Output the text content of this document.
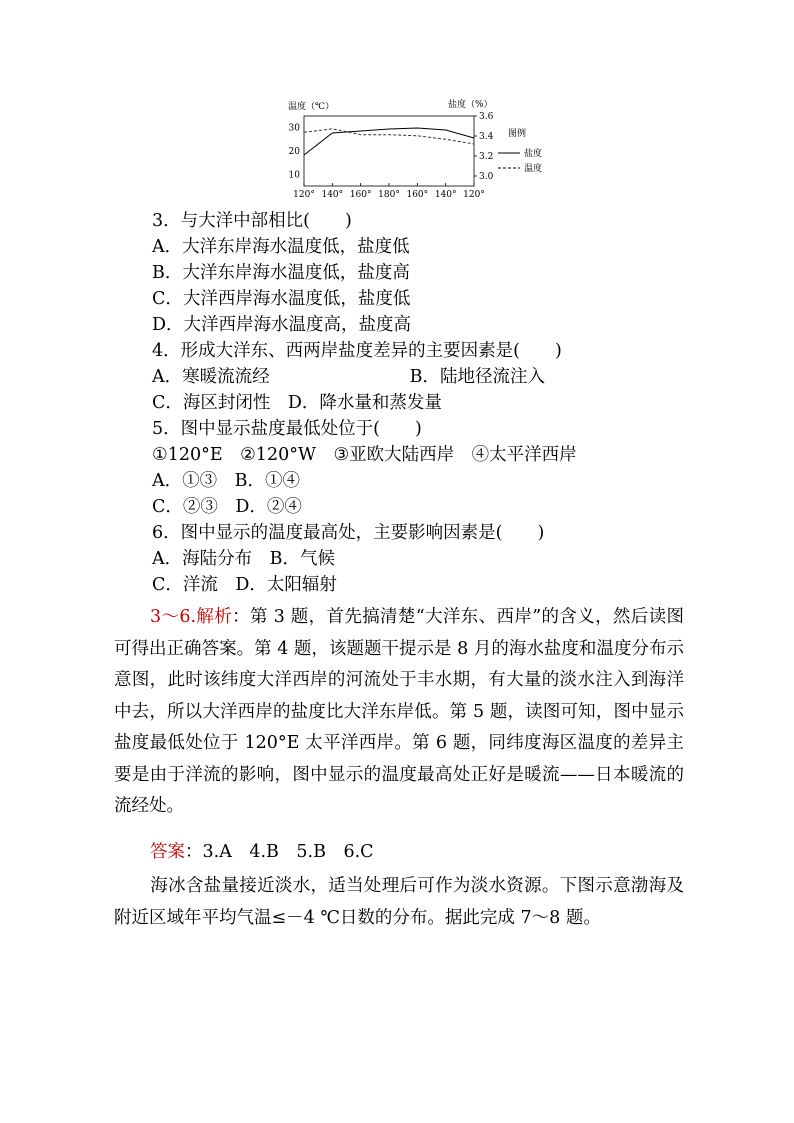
温度（℃）	盐度（%）
30
20
10
3.6
3.4
3.2
3.0
120° 140° 160° 180° 160° 140° 120°
图例
盐度
温度
3．与大洋中部相比(　　)
A．大洋东岸海水温度低，盐度低
B．大洋东岸海水温度低，盐度高
C．大洋西岸海水温度低，盐度低
D．大洋西岸海水温度高，盐度高
4．形成大洋东、西两岸盐度差异的主要因素是(　　)
A．寒暖流流经　　　　　　　　B．陆地径流注入
C．海区封闭性　D．降水量和蒸发量
5．图中显示盐度最低处位于(　　)
①120°E　②120°W　③亚欧大陆西岸　④太平洋西岸
A．①③　B．①④
C．②③　D．②④
6．图中显示的温度最高处，主要影响因素是(　　)
A．海陆分布　B．气候
C．洋流　D．太阳辐射
3～6.解析：第 3 题，首先搞清楚“大洋东、西岸”的含义，然后读图可得出正确答案。第 4 题，该题题干提示是 8 月的海水盐度和温度分布示意图，此时该纬度大洋西岸的河流处于丰水期，有大量的淡水注入到海洋中去，所以大洋西岸的盐度比大洋东岸低。第 5 题，读图可知，图中显示盐度最低处位于 120°E 太平洋西岸。第 6 题，同纬度海区温度的差异主要是由于洋流的影响，图中显示的温度最高处正好是暖流——日本暖流的流经处。
答案：3.A　4.B　5.B　6.C
海冰含盐量接近淡水，适当处理后可作为淡水资源。下图示意渤海及附近区域年平均气温≤－4 ℃日数的分布。据此完成 7～8 题。
